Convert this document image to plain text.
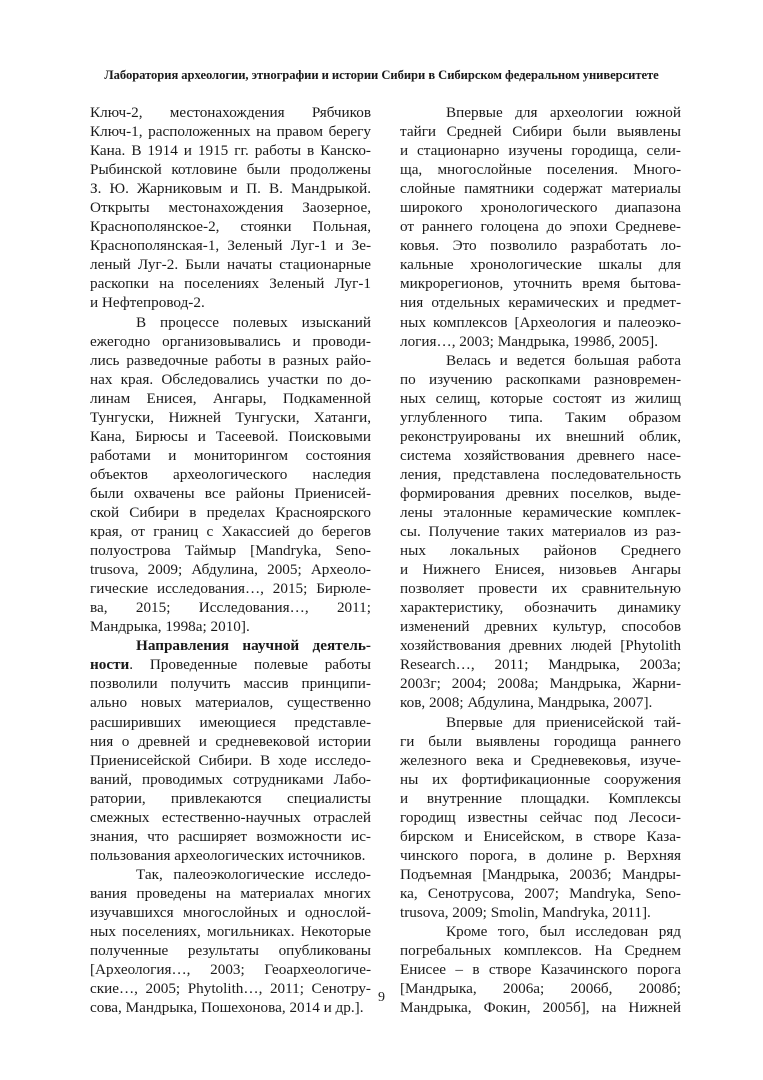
Лаборатория археологии, этнографии и истории Сибири в Сибирском федеральном университете
Ключ-2, местонахождения Рябчиков
Ключ-1, расположенных на правом берегу
Кана. В 1914 и 1915 гг. работы в Канско-
Рыбинской котловине были продолжены
З. Ю. Жарниковым и П. В. Мандрыкой.
Открыты местонахождения Заозерное,
Краснополянское-2, стоянки Польная,
Краснополянская-1, Зеленый Луг-1 и Зе-
леный Луг-2. Были начаты стационарные
раскопки на поселениях Зеленый Луг-1
и Нефтепровод-2.
В процессе полевых изысканий
ежегодно организовывались и проводи-
лись разведочные работы в разных райо-
нах края. Обследовались участки по до-
линам Енисея, Ангары, Подкаменной
Тунгуски, Нижней Тунгуски, Хатанги,
Кана, Бирюсы и Тасеевой. Поисковыми
работами и мониторингом состояния
объектов археологического наследия
были охвачены все районы Приенисей-
ской Сибири в пределах Красноярского
края, от границ с Хакассией до берегов
полуострова Таймыр [Mandryka, Seno-
trusova, 2009; Абдулина, 2005; Археоло-
гические исследования…, 2015; Бирюле-
ва, 2015; Исследования…, 2011;
Мандрыка, 1998а; 2010].
Направления научной деятель-
ности. Проведенные полевые работы
позволили получить массив принципи-
ально новых материалов, существенно
расширивших имеющиеся представле-
ния о древней и средневековой истории
Приенисейской Сибири. В ходе исследо-
ваний, проводимых сотрудниками Лабо-
ратории, привлекаются специалисты
смежных естественно-научных отраслей
знания, что расширяет возможности ис-
пользования археологических источников.
Так, палеоэкологические исследо-
вания проведены на материалах многих
изучавшихся многослойных и однослой-
ных поселениях, могильниках. Некоторые
полученные результаты опубликованы
[Археология…, 2003; Геоархеологиче-
ские…, 2005; Phytolith…, 2011; Сенотру-
сова, Мандрыка, Пошехонова, 2014 и др.].
Впервые для археологии южной
тайги Средней Сибири были выявлены
и стационарно изучены городища, сели-
ща, многослойные поселения. Много-
слойные памятники содержат материалы
широкого хронологического диапазона
от раннего голоцена до эпохи Средневе-
ковья. Это позволило разработать ло-
кальные хронологические шкалы для
микрорегионов, уточнить время бытова-
ния отдельных керамических и предмет-
ных комплексов [Археология и палеоэко-
логия…, 2003; Мандрыка, 1998б, 2005].
Велась и ведется большая работа
по изучению раскопками разновремен-
ных селищ, которые состоят из жилищ
углубленного типа. Таким образом
реконструированы их внешний облик,
система хозяйствования древнего насе-
ления, представлена последовательность
формирования древних поселков, выде-
лены эталонные керамические комплек-
сы. Получение таких материалов из раз-
ных локальных районов Среднего
и Нижнего Енисея, низовьев Ангары
позволяет провести их сравнительную
характеристику, обозначить динамику
изменений древних культур, способов
хозяйствования древних людей [Phytolith
Research…, 2011; Мандрыка, 2003а;
2003г; 2004; 2008а; Мандрыка, Жарни-
ков, 2008; Абдулина, Мандрыка, 2007].
Впервые для приенисейской тай-
ги были выявлены городища раннего
железного века и Средневековья, изуче-
ны их фортификационные сооружения
и внутренние площадки. Комплексы
городищ известны сейчас под Лесоси-
бирском и Енисейском, в створе Каза-
чинского порога, в долине р. Верхняя
Подъемная [Мандрыка, 2003б; Мандры-
ка, Сенотрусова, 2007; Mandryka, Seno-
trusova, 2009; Smolin, Mandryka, 2011].
Кроме того, был исследован ряд
погребальных комплексов. На Среднем
Енисее – в створе Казачинского порога
[Мандрыка, 2006а; 2006б, 2008б;
Мандрыка, Фокин, 2005б], на Нижней
9
